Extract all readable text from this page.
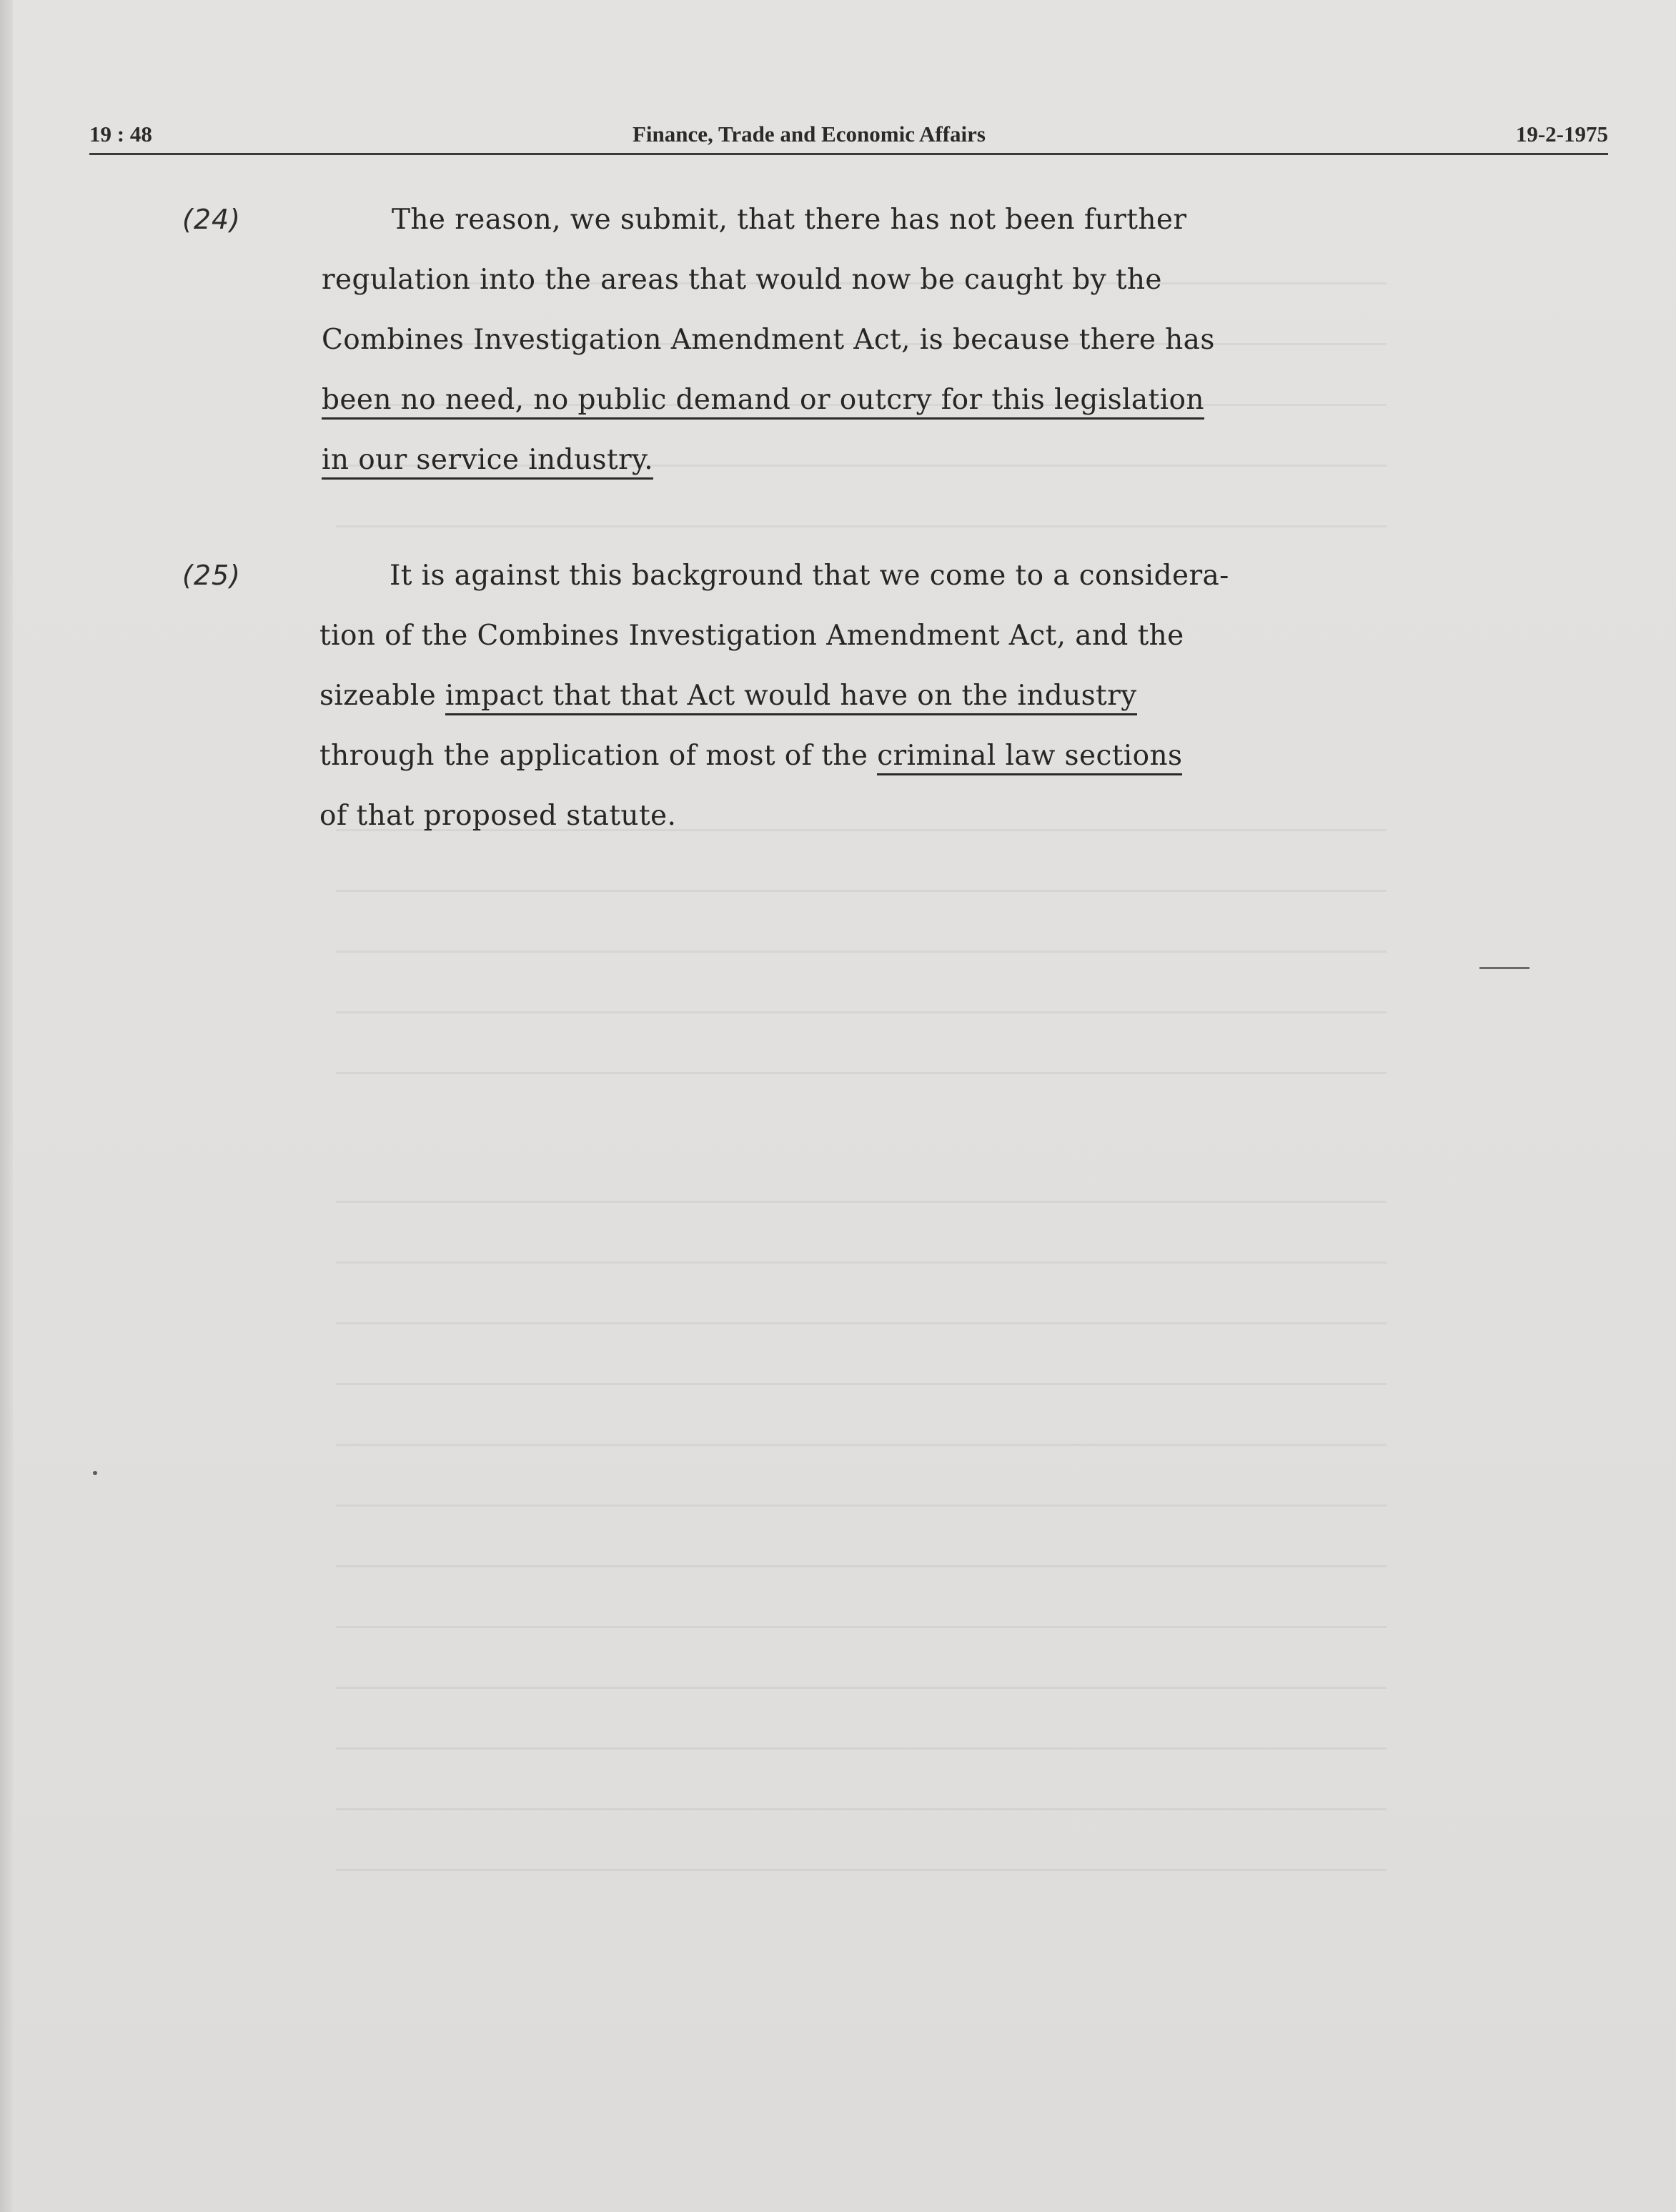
19 : 48	Finance, Trade and Economic Affairs	19-2-1975
(24)	The reason, we submit, that there has not been further
regulation into the areas that would now be caught by the
Combines Investigation Amendment Act, is because there has
been no need, no public demand or outcry for this legislation
in our service industry.
(25)	It is against this background that we come to a considera-
tion of the Combines Investigation Amendment Act, and the
sizeable impact that that Act would have on the industry
through the application of most of the criminal law sections
of that proposed statute.
